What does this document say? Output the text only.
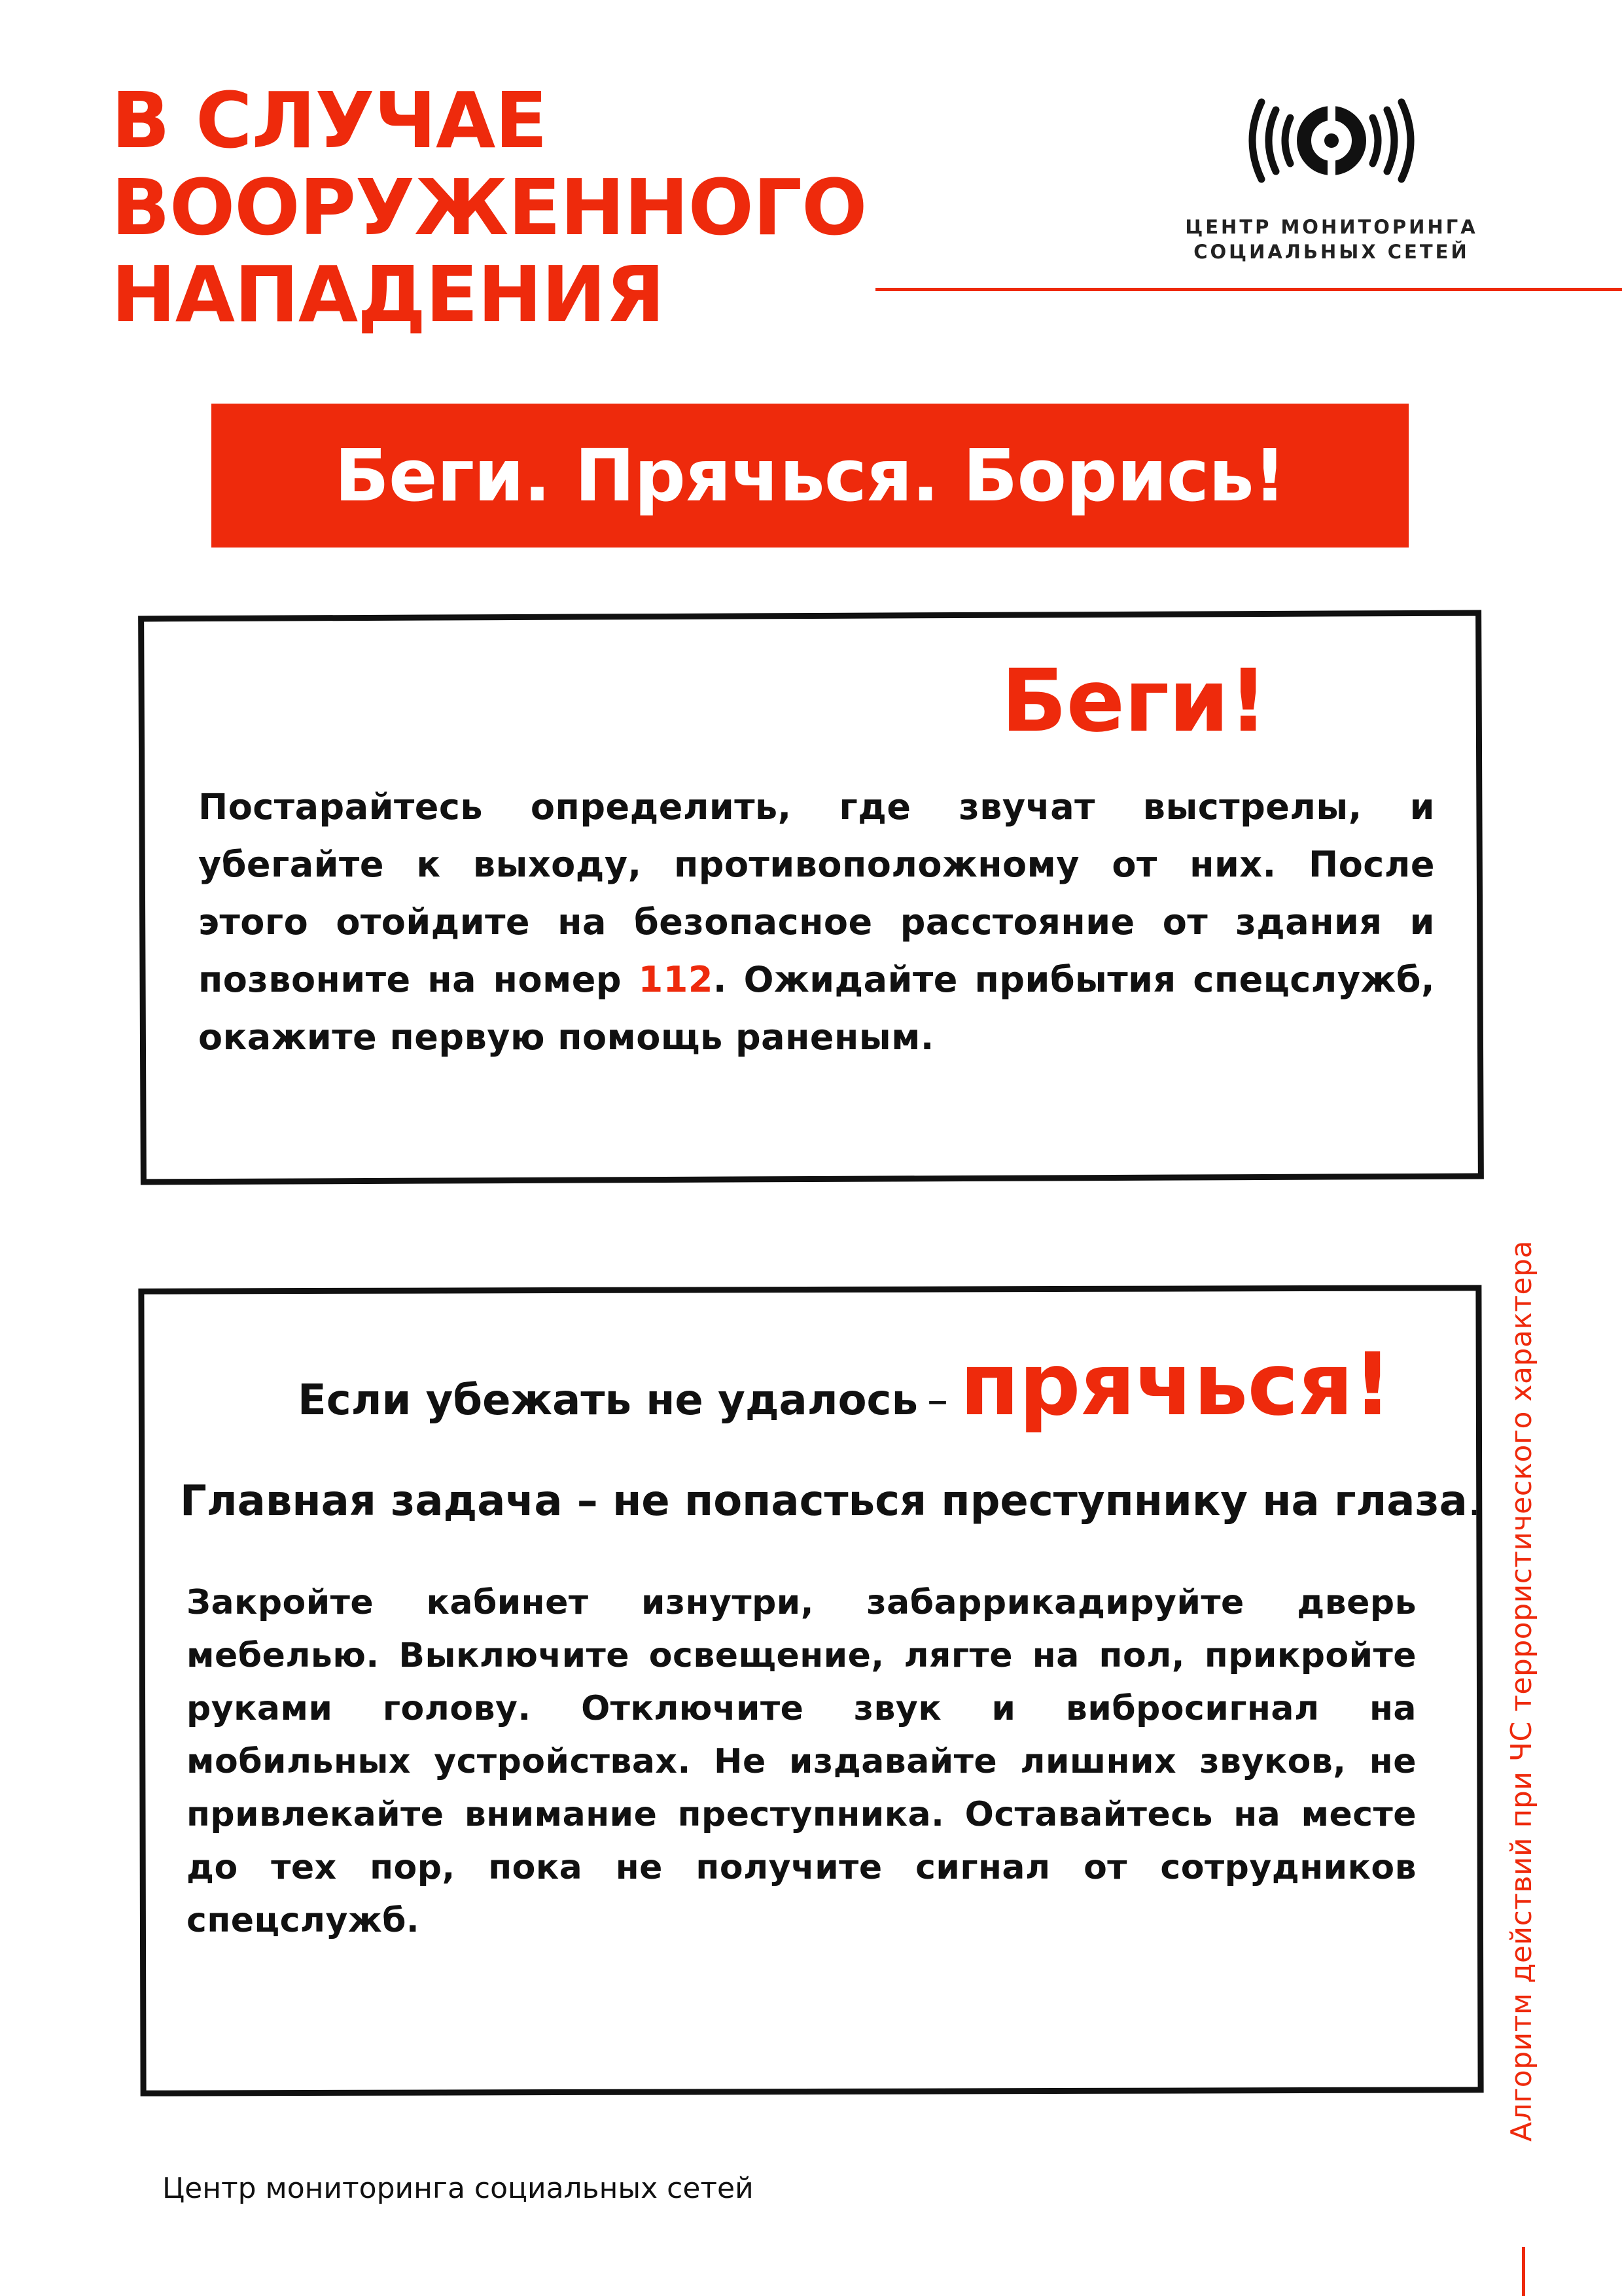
В СЛУЧАЕ
ВООРУЖЕННОГО
НАПАДЕНИЯ
ЦЕНТР МОНИТОРИНГА
СОЦИАЛЬНЫХ СЕТЕЙ
Беги. Прячься. Борись!
Беги!
Постарайтесь определить, где звучат выстрелы, и убегайте к выходу, противоположному от них. После этого отойдите на безопасное расстояние от здания и позвоните на номер 112. Ожидайте прибытия спецслужб, окажите первую помощь раненым.
Если убежать не удалось – прячься!
Главная задача – не попасться преступнику на глаза.
Закройте кабинет изнутри, забаррикадируйте дверь мебелью. Выключите освещение, лягте на пол, прикройте руками голову. Отключите звук и вибросигнал на мобильных устройствах. Не издавайте лишних звуков, не привлекайте внимание преступника. Оставайтесь на месте до тех пор, пока не получите сигнал от сотрудников спецслужб.	Алгоритм действий при ЧС террористического характера
Центр мониторинга социальных сетей
